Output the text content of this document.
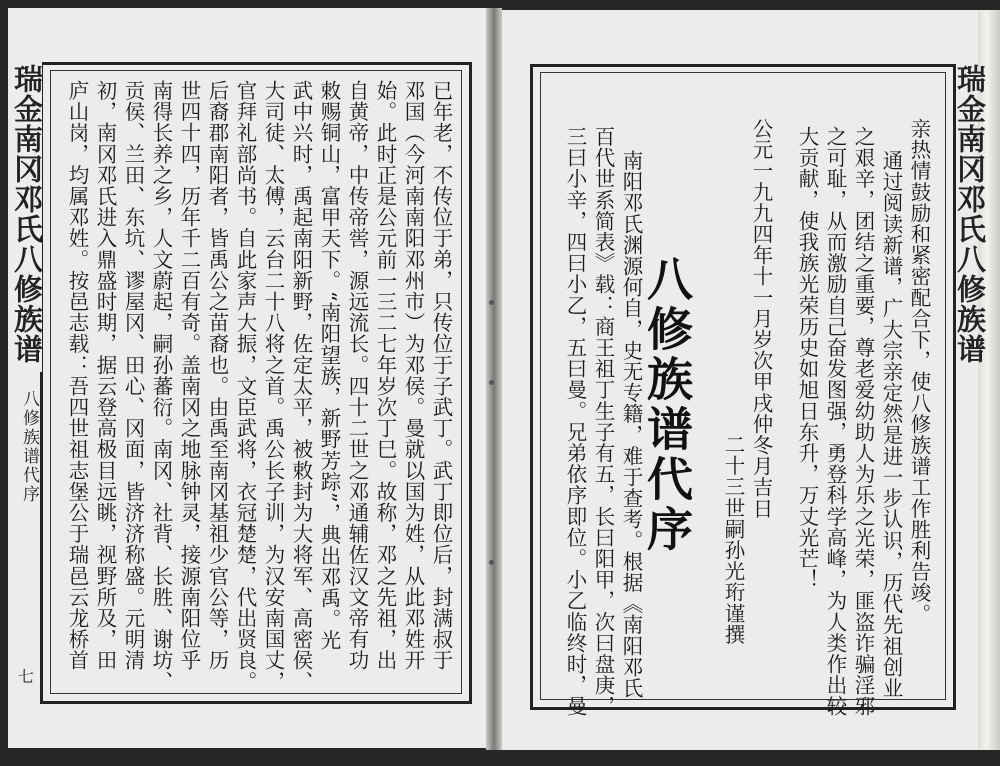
瑞金南冈邓氏八修族谱
八修族谱代序
七
已年老，不传位于弟，只传位于子武丁。武丁即位后，封满叔于
邓国（今河南南阳邓州市）为邓侯。曼就以国为姓，从此邓姓开
始。此时正是公元前一三二七年岁次丁巳。故称，邓之先祖，出
自黄帝，中传帝喾，源远流长。四十二世之邓通辅佐汉文帝有功
敕赐铜山，富甲天下。“南阳望族，新野芳踪”，典出邓禹。光
武中兴时，禹起南阳新野，佐定太平，被敕封为大将军、高密侯、
大司徒、太傅，云台二十八将之首。禹公长子训，为汉安南国丈，
官拜礼部尚书。自此家声大振，文臣武将，衣冠楚楚，代出贤良。
后裔郡南阳者，皆禹公之苗裔也。由禹至南冈基祖少官公等，历
世四十四，历年千二百有奇。盖南冈之地脉钟灵，接源南阳位乎
南得长养之乡，人文蔚起，嗣孙蕃衍。南冈、社背、长胜、谢坊、
贡侯、兰田、东坑、谬屋冈、田心、冈面，皆济济称盛。元明清
初，南冈邓氏进入鼎盛时期，据云登高极目远眺，视野所及，田
庐山岗，均属邓姓。按邑志载：吾四世祖志堡公于瑞邑云龙桥首	瑞金南冈邓氏八修族谱
亲热情鼓励和紧密配合下，使八修族谱工作胜利告竣。
通过阅读新谱，广大宗亲定然是进一步认识，历代先祖创业
之艰辛，团结之重要，尊老爱幼助人为乐之光荣，匪盗诈骗淫邪
之可耻，从而激励自己奋发图强，勇登科学高峰，为人类作出较
大贡献，使我族光荣历史如旭日东升，万丈光芒！
公元一九九四年十一月岁次甲戌仲冬月吉日
二十三世嗣孙光珩谨撰
八修族谱代序
南阳邓氏渊源何自，史无专籍，难于查考。根据《南阳邓氏
百代世系简表》载：商王祖丁生子有五，长曰阳甲，次曰盘庚，
三曰小辛，四曰小乙，五曰曼。兄弟依序即位。小乙临终时，曼
